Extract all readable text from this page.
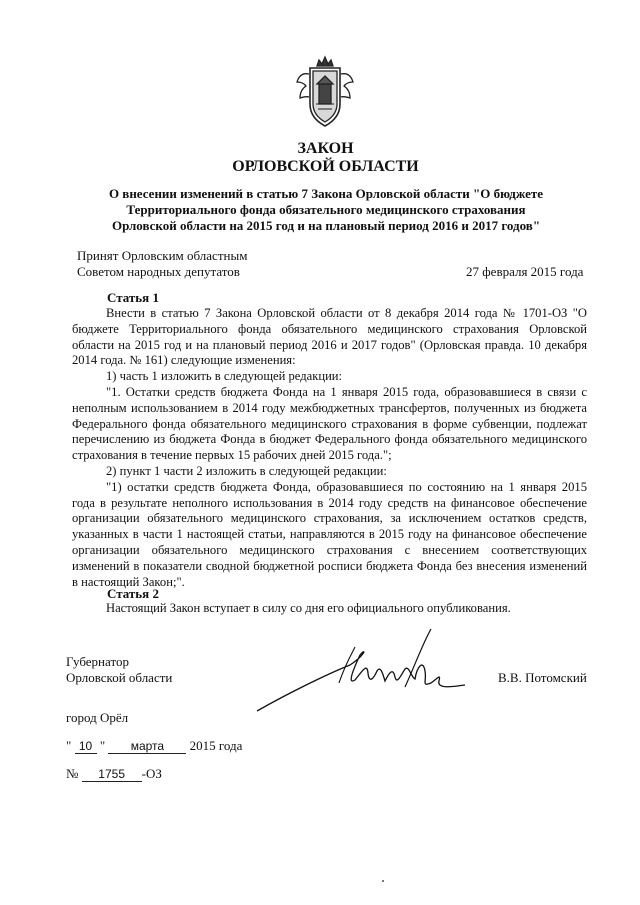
ЗАКОН
ОРЛОВСКОЙ ОБЛАСТИ
О внесении изменений в статью 7 Закона Орловской области "О бюджете
Территориального фонда обязательного медицинского страхования
Орловской области на 2015 год и на плановый период 2016 и 2017 годов"
Принят Орловским областным
Советом народных депутатов	27 февраля 2015 года
Статья 1

Внести в статью 7 Закона Орловской области от 8 декабря 2014 года № 1701-ОЗ "О бюджете Территориального фонда обязательного медицинского страхования Орловской области на 2015 год и на плановый период 2016 и 2017 годов" (Орловская правда. 10 декабря 2014 года. № 161) следующие изменения:

1) часть 1 изложить в следующей редакции:

"1. Остатки средств бюджета Фонда на 1 января 2015 года, образовавшиеся в связи с неполным использованием в 2014 году межбюджетных трансфертов, полученных из бюджета Федерального фонда обязательного медицинского страхования в форме субвенции, подлежат перечислению из бюджета Фонда в бюджет Федерального фонда обязательного медицинского страхования в течение первых 15 рабочих дней 2015 года.";

2) пункт 1 части 2 изложить в следующей редакции:

"1) остатки средств бюджета Фонда, образовавшиеся по состоянию на 1 января 2015 года в результате неполного использования в 2014 году средств на финансовое обеспечение организации обязательного медицинского страхования, за исключением остатков средств, указанных в части 1 настоящей статьи, направляются в 2015 году на финансовое обеспечение организации обязательного медицинского страхования с внесением соответствующих изменений в показатели сводной бюджетной росписи бюджета Фонда без внесения изменений в настоящий Закон;".

Статья 2

Настоящий Закон вступает в силу со дня его официального опубликования.

Губернатор
Орловской области	В.В. Потомский
город Орёл
" 10 " марта 2015 года
№ 1755 -ОЗ
